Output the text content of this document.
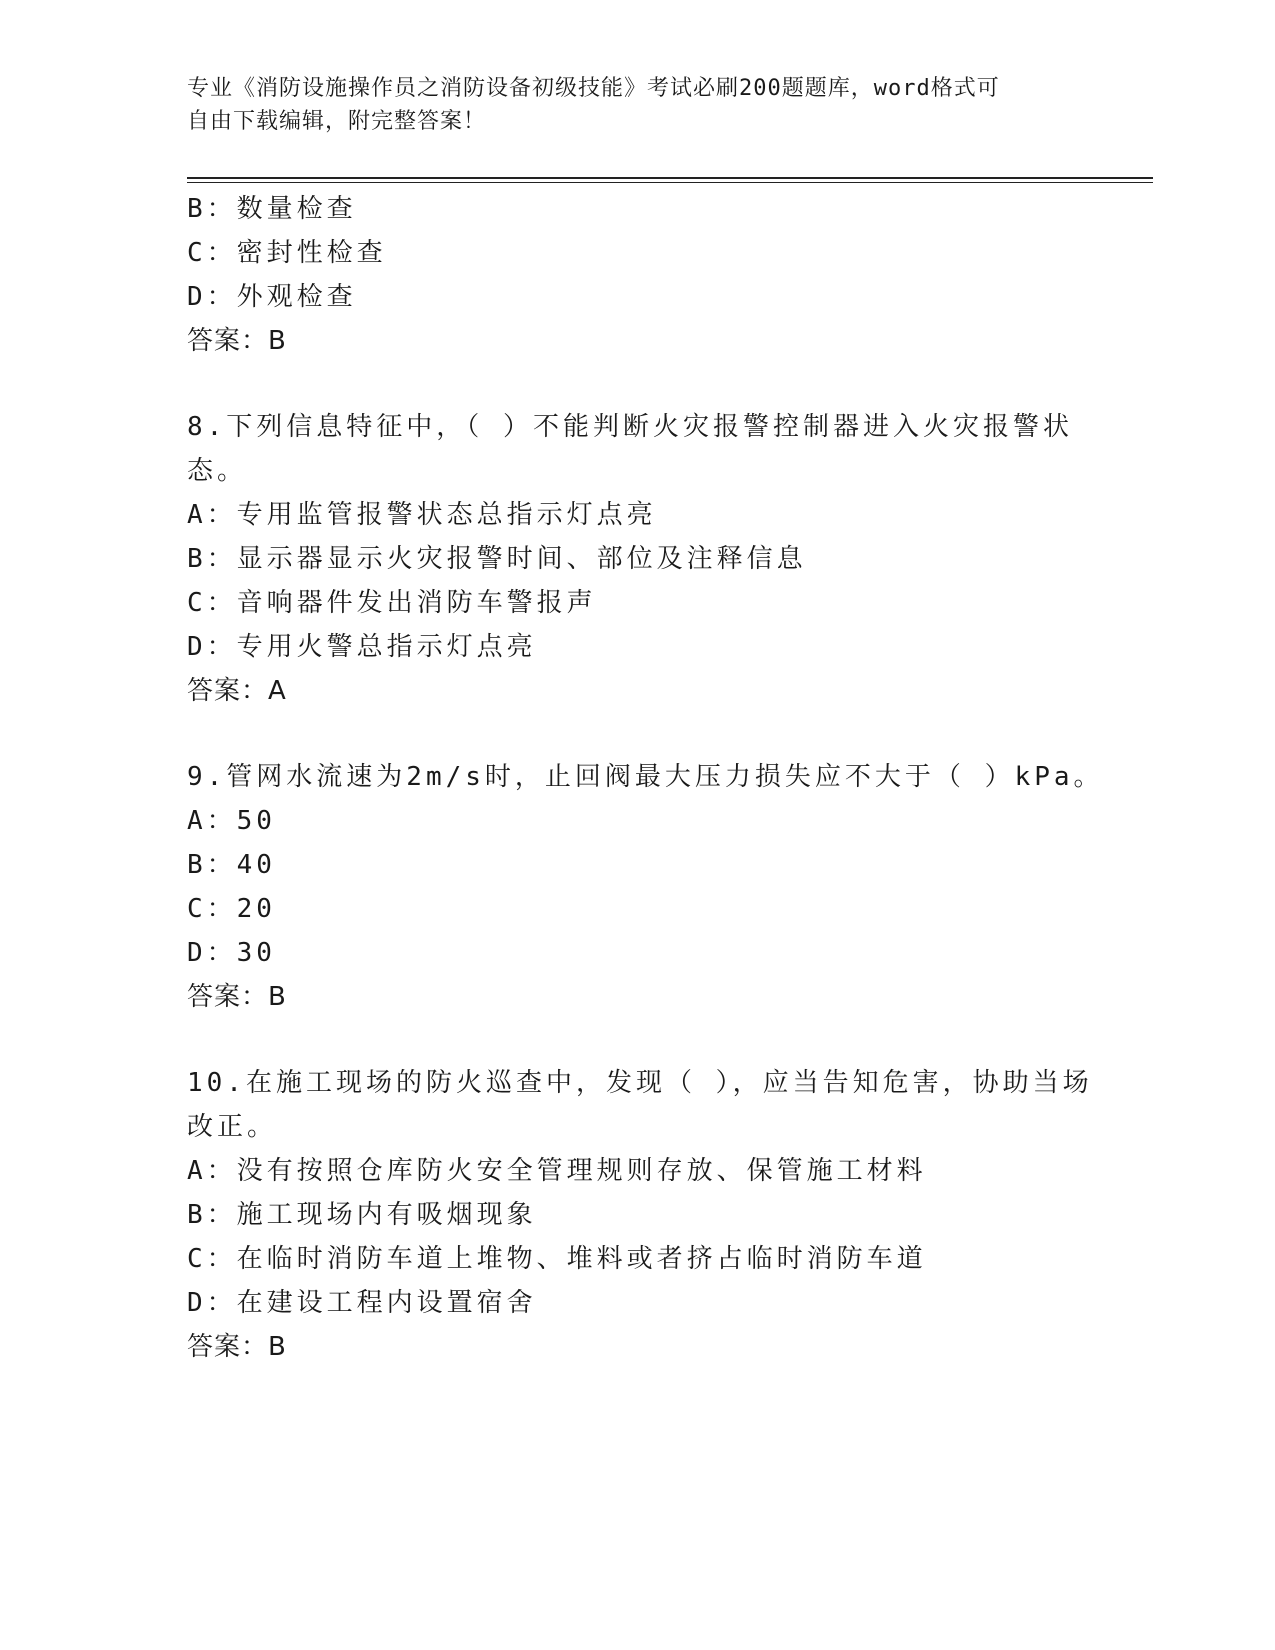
专业《消防设施操作员之消防设备初级技能》考试必刷200题题库，word格式可
自由下载编辑，附完整答案！
B：数量检查
C：密封性检查
D：外观检查
答案：B
8.下列信息特征中，（ ）不能判断火灾报警控制器进入火灾报警状
态。
A：专用监管报警状态总指示灯点亮
B：显示器显示火灾报警时间、部位及注释信息
C：音响器件发出消防车警报声
D：专用火警总指示灯点亮
答案：A
9.管网水流速为2m/s时，止回阀最大压力损失应不大于（ ）kPa。
A：50
B：40
C：20
D：30
答案：B
10.在施工现场的防火巡查中，发现（ ），应当告知危害，协助当场
改正。
A：没有按照仓库防火安全管理规则存放、保管施工材料
B：施工现场内有吸烟现象
C：在临时消防车道上堆物、堆料或者挤占临时消防车道
D：在建设工程内设置宿舍
答案：B
